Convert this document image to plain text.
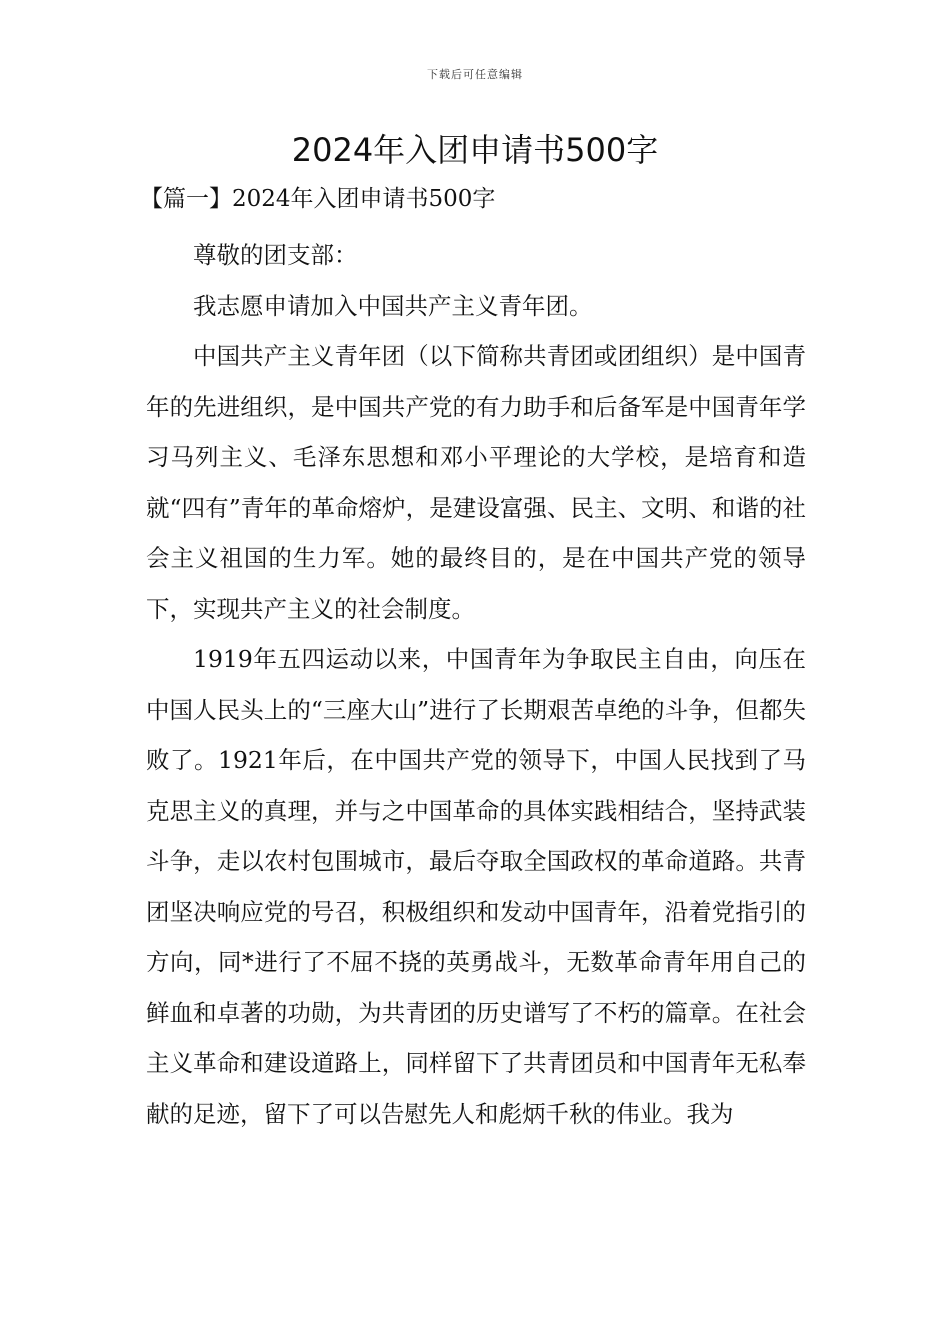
下载后可任意编辑
2024年入团申请书500字
【篇一】2024年入团申请书500字

尊敬的团支部：

我志愿申请加入中国共产主义青年团。

中国共产主义青年团（以下简称共青团或团组织）是中国青年的先进组织，是中国共产党的有力助手和后备军是中国青年学习马列主义、毛泽东思想和邓小平理论的大学校，是培育和造就“四有”青年的革命熔炉，是建设富强、民主、文明、和谐的社会主义祖国的生力军。她的最终目的，是在中国共产党的领导下，实现共产主义的社会制度。

1919年五四运动以来，中国青年为争取民主自由，向压在中国人民头上的“三座大山”进行了长期艰苦卓绝的斗争，但都失败了。1921年后，在中国共产党的领导下，中国人民找到了马克思主义的真理，并与之中国革命的具体实践相结合，坚持武装斗争，走以农村包围城市，最后夺取全国政权的革命道路。共青团坚决响应党的号召，积极组织和发动中国青年，沿着党指引的方向，同*进行了不屈不挠的英勇战斗，无数革命青年用自己的鲜血和卓著的功勋，为共青团的历史谱写了不朽的篇章。在社会主义革命和建设道路上，同样留下了共青团员和中国青年无私奉献的足迹，留下了可以告慰先人和彪炳千秋的伟业。我为
